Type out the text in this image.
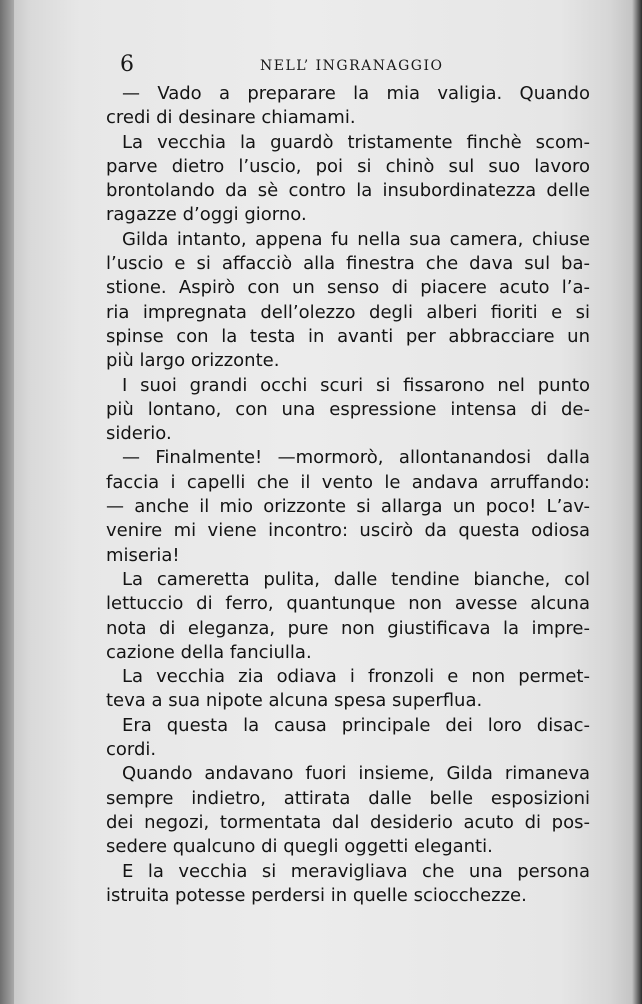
6	NELL’ INGRANAGGIO
— Vado a preparare la mia valigia. Quando
credi di desinare chiamami.
La vecchia la guardò tristamente finchè scom-
parve dietro l’uscio, poi si chinò sul suo lavoro
brontolando da sè contro la insubordinatezza delle
ragazze d’oggi giorno.
Gilda intanto, appena fu nella sua camera, chiuse
l’uscio e si affacciò alla finestra che dava sul ba-
stione. Aspirò con un senso di piacere acuto l’a-
ria impregnata dell’olezzo degli alberi fioriti e si
spinse con la testa in avanti per abbracciare un
più largo orizzonte.
I suoi grandi occhi scuri si fissarono nel punto
più lontano, con una espressione intensa di de-
siderio.
— Finalmente! —mormorò, allontanandosi dalla
faccia i capelli che il vento le andava arruffando:
— anche il mio orizzonte si allarga un poco! L’av-
venire mi viene incontro: uscirò da questa odiosa
miseria!
La cameretta pulita, dalle tendine bianche, col
lettuccio di ferro, quantunque non avesse alcuna
nota di eleganza, pure non giustificava la impre-
cazione della fanciulla.
La vecchia zia odiava i fronzoli e non permet-
teva a sua nipote alcuna spesa superflua.
Era questa la causa principale dei loro disac-
cordi.
Quando andavano fuori insieme, Gilda rimaneva
sempre indietro, attirata dalle belle esposizioni
dei negozi, tormentata dal desiderio acuto di pos-
sedere qualcuno di quegli oggetti eleganti.
E la vecchia si meravigliava che una persona
istruita potesse perdersi in quelle sciocchezze.
